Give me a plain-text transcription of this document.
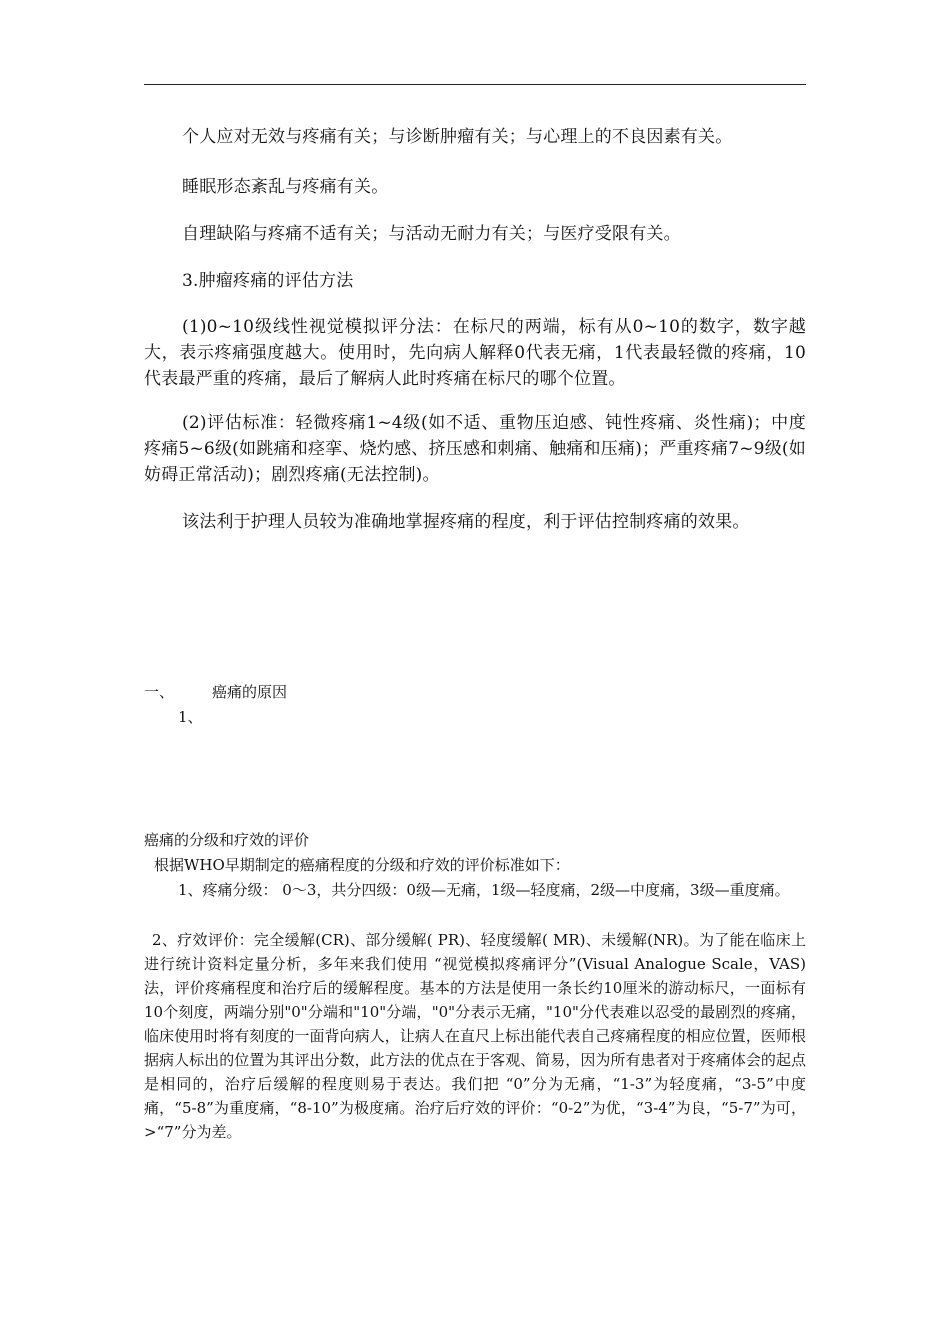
个人应对无效与疼痛有关；与诊断肿瘤有关；与心理上的不良因素有关。
睡眠形态紊乱与疼痛有关。
自理缺陷与疼痛不适有关；与活动无耐力有关；与医疗受限有关。
3.肿瘤疼痛的评估方法
(1)0~10级线性视觉模拟评分法：在标尺的两端，标有从0~10的数字，数字越大，表示疼痛强度越大。使用时，先向病人解释0代表无痛，1代表最轻微的疼痛，10代表最严重的疼痛，最后了解病人此时疼痛在标尺的哪个位置。
(2)评估标准：轻微疼痛1~4级(如不适、重物压迫感、钝性疼痛、炎性痛)；中度疼痛5~6级(如跳痛和痉挛、烧灼感、挤压感和刺痛、触痛和压痛)；严重疼痛7~9级(如妨碍正常活动)；剧烈疼痛(无法控制)。
该法利于护理人员较为准确地掌握疼痛的程度，利于评估控制疼痛的效果。
一、	癌痛的原因
1、
癌痛的分级和疗效的评价
根据WHO早期制定的癌痛程度的分级和疗效的评价标准如下：
1、疼痛分级： 0～3，共分四级：0级—无痛，1级—轻度痛，2级—中度痛，3级—重度痛。
2、疗效评价：完全缓解(CR)、部分缓解( PR)、轻度缓解( MR)、未缓解(NR)。为了能在临床上进行统计资料定量分析，多年来我们使用 “视觉模拟疼痛评分”(Visual Analogue Scale，VAS)法，评价疼痛程度和治疗后的缓解程度。基本的方法是使用一条长约10厘米的游动标尺，一面标有10个刻度，两端分别"0"分端和"10"分端，"0"分表示无痛，"10"分代表难以忍受的最剧烈的疼痛，临床使用时将有刻度的一面背向病人，让病人在直尺上标出能代表自己疼痛程度的相应位置，医师根据病人标出的位置为其评出分数，此方法的优点在于客观、简易，因为所有患者对于疼痛体会的起点是相同的，治疗后缓解的程度则易于表达。我们把 “0”分为无痛，“1-3”为轻度痛，“3-5”中度痛，“5-8”为重度痛，“8-10”为极度痛。治疗后疗效的评价：“0-2”为优，“3-4”为良，“5-7”为可，>“7”分为差。
